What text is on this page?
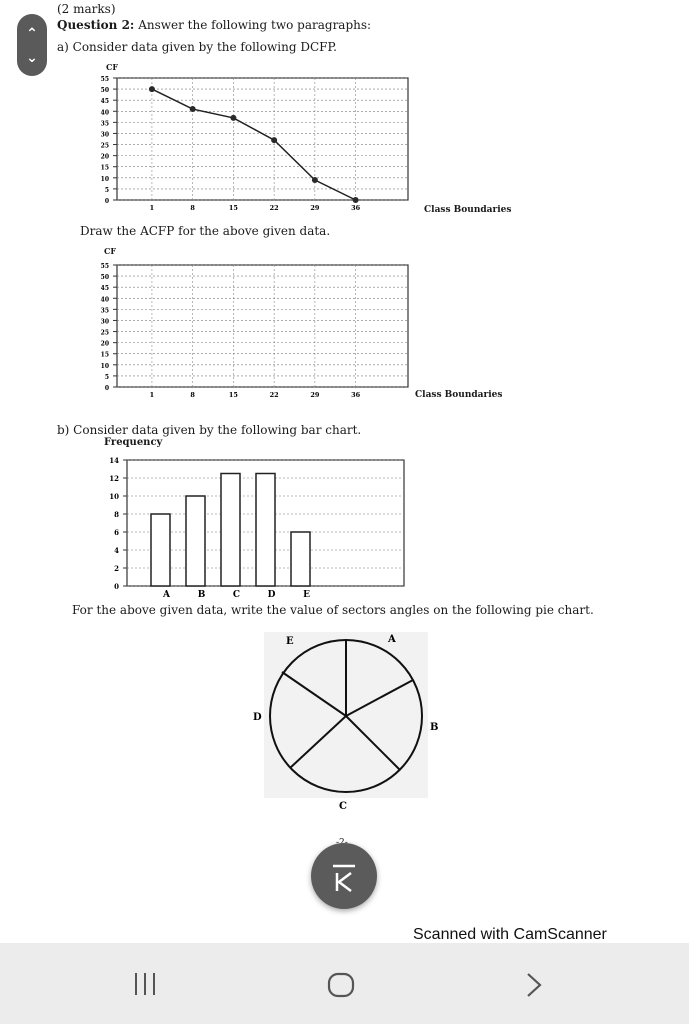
⌃
⌄
(2 marks)
Question 2: Answer the following two paragraphs:
a) Consider data given by the following DCFP.
CF
0
5
10
15
20
25
30
35
40
45
50
55
1	8	15	22	29	36	Class Boundaries
Draw the ACFP for the above given data.
CF
0
5
10
15
20
25
30
35
40
45
50
55
1	8	15	22	29	36	Class Boundaries
b) Consider data given by the following bar chart.
Frequency
0
2
4
6
8
10
12
14
A	B	C	D	E
For the above given data, write the value of sectors angles on the following pie chart.
E	A
B
C
D
Scanned with CamScanner
